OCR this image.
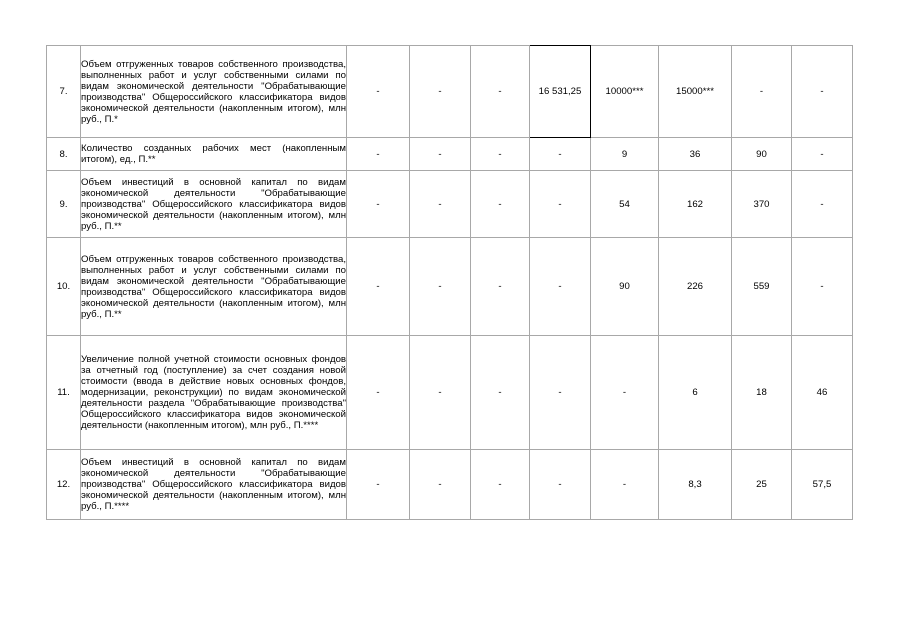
7.	Объем отгруженных товаров собственного производства, выполненных работ и услуг собственными силами по видам экономической деятельности "Обрабатывающие производства" Общероссийского классификатора видов экономической деятельности (накопленным итогом), млн руб., П.*	-	-	-	16 531,25	10000***	15000***	-	-
8.	Количество созданных рабочих мест (накопленным итогом), ед., П.**	-	-	-	-	9	36	90	-
9.	Объем инвестиций в основной капитал по видам экономической деятельности "Обрабатывающие производства" Общероссийского классификатора видов экономической деятельности (накопленным итогом), млн руб., П.**	-	-	-	-	54	162	370	-
10.	Объем отгруженных товаров собственного производства, выполненных работ и услуг собственными силами по видам экономической деятельности "Обрабатывающие производства" Общероссийского классификатора видов экономической деятельности (накопленным итогом), млн руб., П.**	-	-	-	-	90	226	559	-
11.	Увеличение полной учетной стоимости основных фондов за отчетный год (поступление) за счет создания новой стоимости (ввода в действие новых основных фондов, модернизации, реконструкции) по видам экономической деятельности раздела "Обрабатывающие производства" Общероссийского классификатора видов экономической деятельности (накопленным итогом), млн руб., П.****	-	-	-	-	-	6	18	46
12.	Объем инвестиций в основной капитал по видам экономической деятельности "Обрабатывающие производства" Общероссийского классификатора видов экономической деятельности (накопленным итогом), млн руб., П.****	-	-	-	-	-	8,3	25	57,5
